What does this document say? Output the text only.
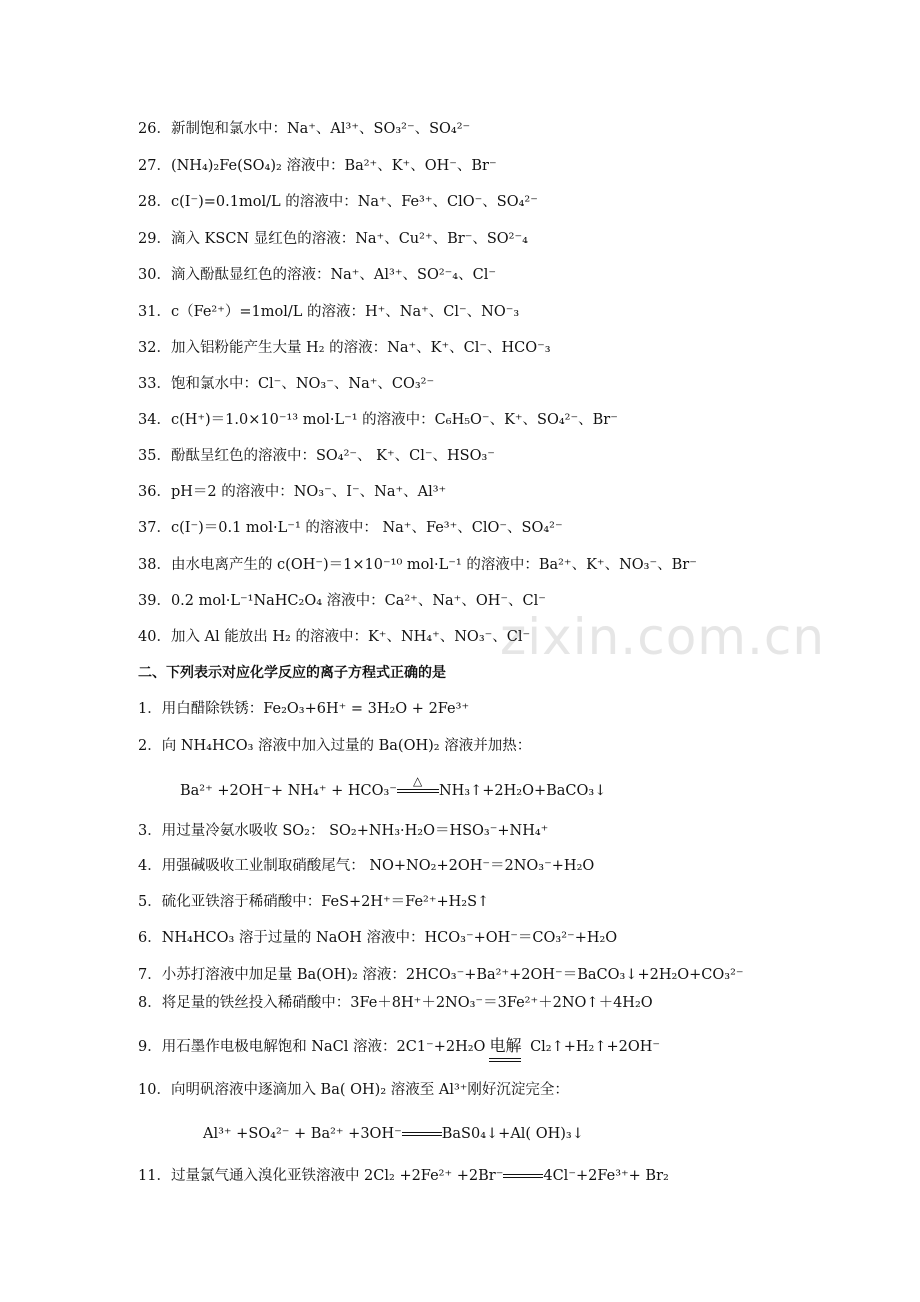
zixin.com.cn
26．新制饱和氯水中：Na⁺、Al³⁺、SO₃²⁻、SO₄²⁻
27．(NH₄)₂Fe(SO₄)₂ 溶液中：Ba²⁺、K⁺、OH⁻、Br⁻
28．c(I⁻)=0.1mol/L 的溶液中：Na⁺、Fe³⁺、ClO⁻、SO₄²⁻
29．滴入 KSCN 显红色的溶液：Na⁺、Cu²⁺、Br⁻、SO²⁻₄
30．滴入酚酞显红色的溶液：Na⁺、Al³⁺、SO²⁻₄、Cl⁻
31．c（Fe²⁺）=1mol/L 的溶液：H⁺、Na⁺、Cl⁻、NO⁻₃
32．加入铝粉能产生大量 H₂ 的溶液：Na⁺、K⁺、Cl⁻、HCO⁻₃
33．饱和氯水中：Cl⁻、NO₃⁻、Na⁺、CO₃²⁻
34．c(H⁺)＝1.0×10⁻¹³ mol·L⁻¹ 的溶液中：C₆H₅O⁻、K⁺、SO₄²⁻、Br⁻
35．酚酞呈红色的溶液中：SO₄²⁻、 K⁺、Cl⁻、HSO₃⁻
36．pH＝2 的溶液中：NO₃⁻、I⁻、Na⁺、Al³⁺
37．c(I⁻)＝0.1 mol·L⁻¹ 的溶液中： Na⁺、Fe³⁺、ClO⁻、SO₄²⁻
38．由水电离产生的 c(OH⁻)＝1×10⁻¹⁰ mol·L⁻¹ 的溶液中：Ba²⁺、K⁺、NO₃⁻、Br⁻
39．0.2 mol·L⁻¹NaHC₂O₄ 溶液中：Ca²⁺、Na⁺、OH⁻、Cl⁻
40．加入 Al 能放出 H₂ 的溶液中：K⁺、NH₄⁺、NO₃⁻、Cl⁻
二、下列表示对应化学反应的离子方程式正确的是
1．用白醋除铁锈：Fe₂O₃+6H⁺ = 3H₂O + 2Fe³⁺
2．向 NH₄HCO₃ 溶液中加入过量的 Ba(OH)₂ 溶液并加热：
Ba²⁺ +2OH⁻+ NH₄⁺ + HCO₃⁻
△
NH₃↑+2H₂O+BaCO₃↓
3．用过量冷氨水吸收 SO₂： SO₂+NH₃·H₂O＝HSO₃⁻+NH₄⁺
4．用强碱吸收工业制取硝酸尾气： NO+NO₂+2OH⁻＝2NO₃⁻+H₂O
5．硫化亚铁溶于稀硝酸中：FeS+2H⁺＝Fe²⁺+H₂S↑
6．NH₄HCO₃ 溶于过量的 NaOH 溶液中：HCO₃⁻+OH⁻＝CO₃²⁻+H₂O
7．小苏打溶液中加足量 Ba(OH)₂ 溶液：2HCO₃⁻+Ba²⁺+2OH⁻＝BaCO₃↓+2H₂O+CO₃²⁻
8．将足量的铁丝投入稀硝酸中：3Fe＋8H⁺＋2NO₃⁻＝3Fe²⁺＋2NO↑＋4H₂O
9．用石墨作电极电解饱和 NaCl 溶液：2C1⁻+2H₂O 电解 Cl₂↑+H₂↑+2OH⁻
10．向明矾溶液中逐滴加入 Ba( OH)₂ 溶液至 Al³⁺刚好沉淀完全：
Al³⁺ +SO₄²⁻ + Ba²⁺ +3OH⁻	BaS0₄↓+Al( OH)₃↓
11．过量氯气通入溴化亚铁溶液中 2Cl₂ +2Fe²⁺ +2Br⁻	4Cl⁻+2Fe³⁺+ Br₂
